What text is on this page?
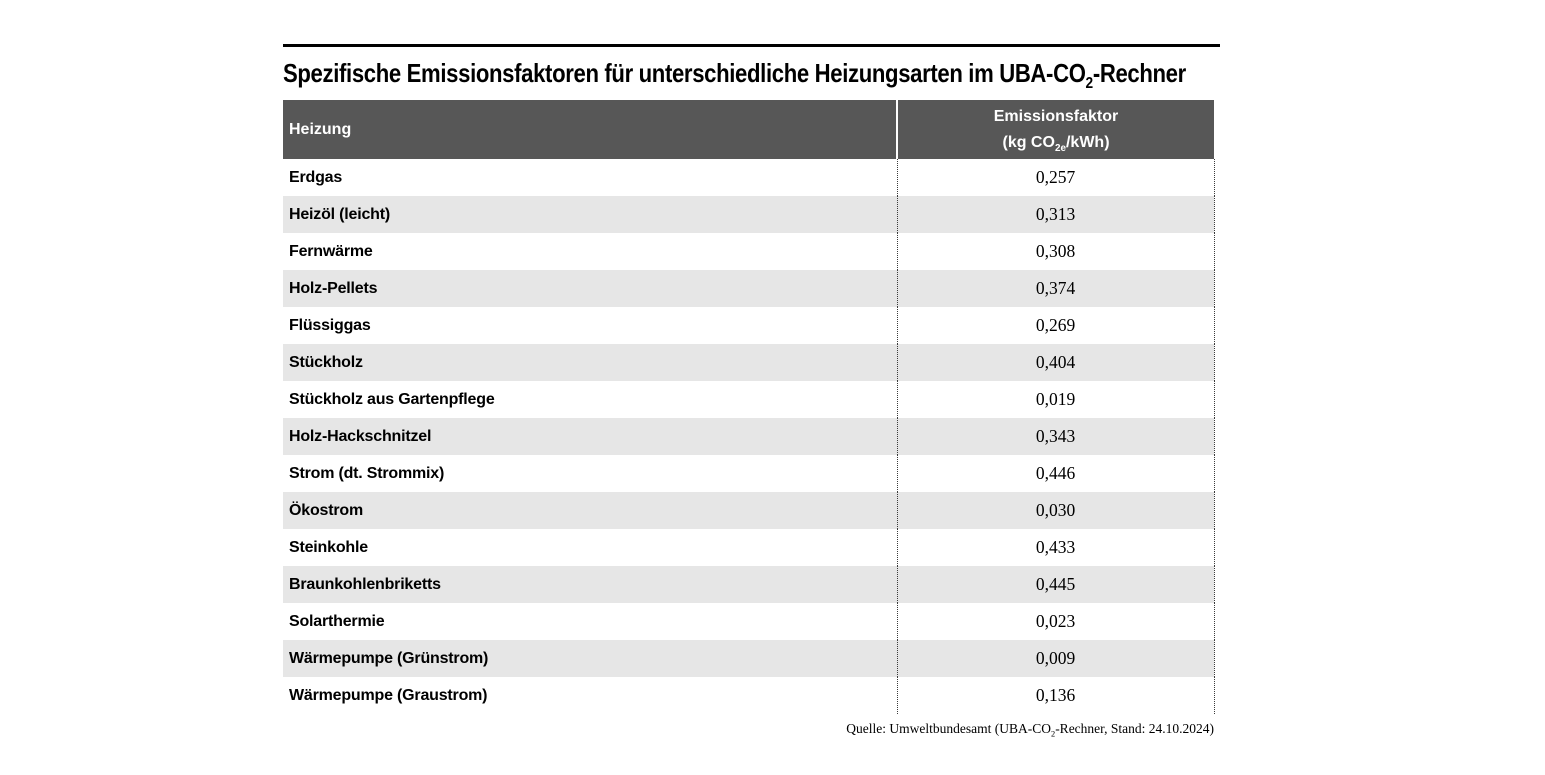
Spezifische Emissionsfaktoren für unterschiedliche Heizungsarten im UBA-$CO_2$-Rechner
Heizung	Emissionsfaktor
(kg $CO_{2e}/kWh$)

Erdgas	0,257
Heizöl (leicht)	0,313
Fernwärme	0,308
Holz-Pellets	0,374
Flüssiggas	0,269
Stückholz	0,404
Stückholz aus Gartenpflege	0,019
Holz-Hackschnitzel	0,343
Strom (dt. Strommix)	0,446
Ökostrom	0,030
Steinkohle	0,433
Braunkohlenbriketts	0,445
Solarthermie	0,023
Wärmepumpe (Grünstrom)	0,009
Wärmepumpe (Graustrom)	0,136
Quelle: Umweltbundesamt ($UBA-CO_2$-Rechner, Stand: 24.10.2024)
